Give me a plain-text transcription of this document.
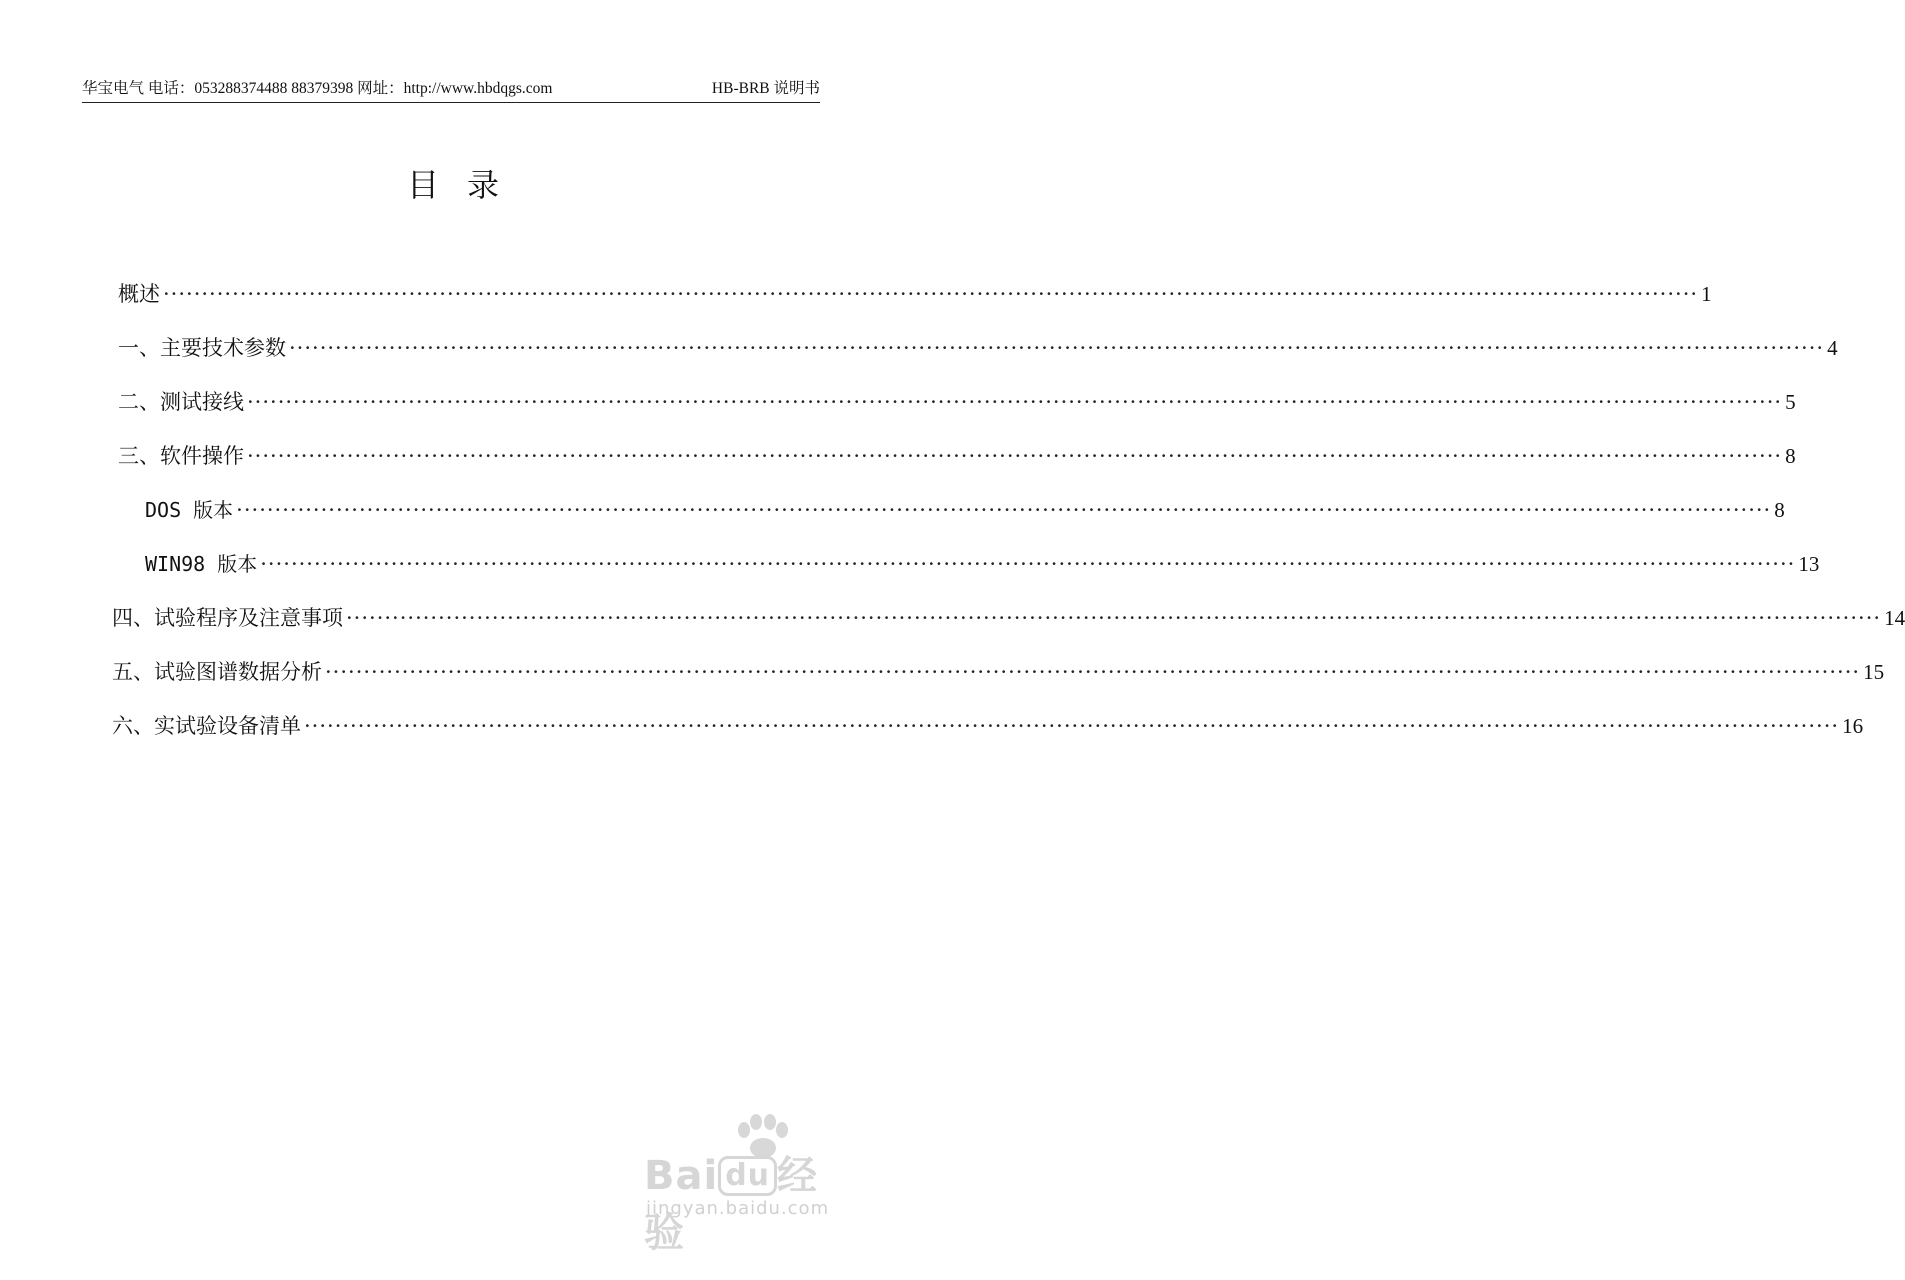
华宝电气 电话：053288374488 88379398 网址：http://www.hbdqgs.com	HB-BRB 说明书
目录
概述 ········································································································································································································ 1
一、主要技术参数 ········································································································································································································ 4
二、测试接线 ········································································································································································································ 5
三、软件操作 ········································································································································································································ 8
DOS 版本 ········································································································································································································ 8
WIN98 版本 ········································································································································································································ 13
四、试验程序及注意事项 ········································································································································································································ 14
五、试验图谱数据分析 ········································································································································································································ 15
六、实试验设备清单 ········································································································································································································ 16
Bai du 经验
jingyan.baidu.com
